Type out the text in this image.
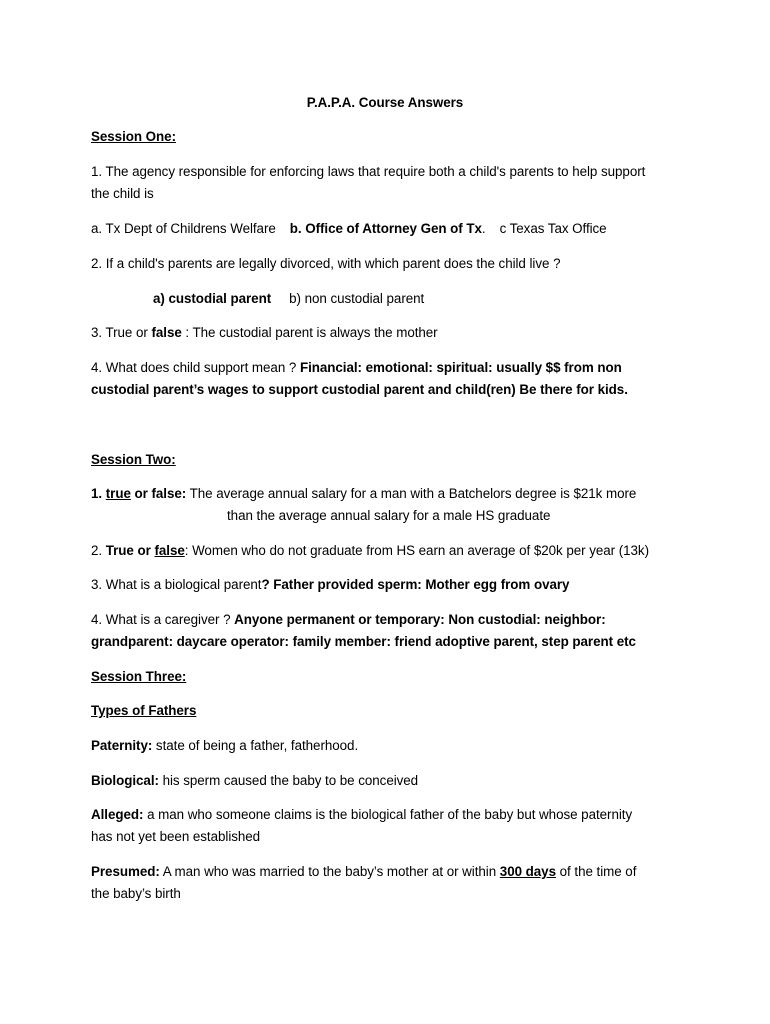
P.A.P.A. Course Answers
Session One:
1. The agency responsible for enforcing laws that require both a child's parents to help support
the child is
a. Tx Dept of Childrens Welfare b. Office of Attorney Gen of Tx. c Texas Tax Office
2. If a child's parents are legally divorced, with which parent does the child live ?
a) custodial parent b) non custodial parent
3. True or false : The custodial parent is always the mother
4. What does child support mean ? Financial: emotional: spiritual: usually $$ from non
custodial parent’s wages to support custodial parent and child(ren) Be there for kids.
Session Two:
1. true or false: The average annual salary for a man with a Batchelors degree is $21k more
than the average annual salary for a male HS graduate
2. True or false: Women who do not graduate from HS earn an average of $20k per year (13k)
3. What is a biological parent? Father provided sperm: Mother egg from ovary
4. What is a caregiver ? Anyone permanent or temporary: Non custodial: neighbor:
grandparent: daycare operator: family member: friend adoptive parent, step parent etc
Session Three:
Types of Fathers
Paternity: state of being a father, fatherhood.
Biological: his sperm caused the baby to be conceived
Alleged: a man who someone claims is the biological father of the baby but whose paternity
has not yet been established
Presumed: A man who was married to the baby’s mother at or within 300 days of the time of
the baby’s birth
